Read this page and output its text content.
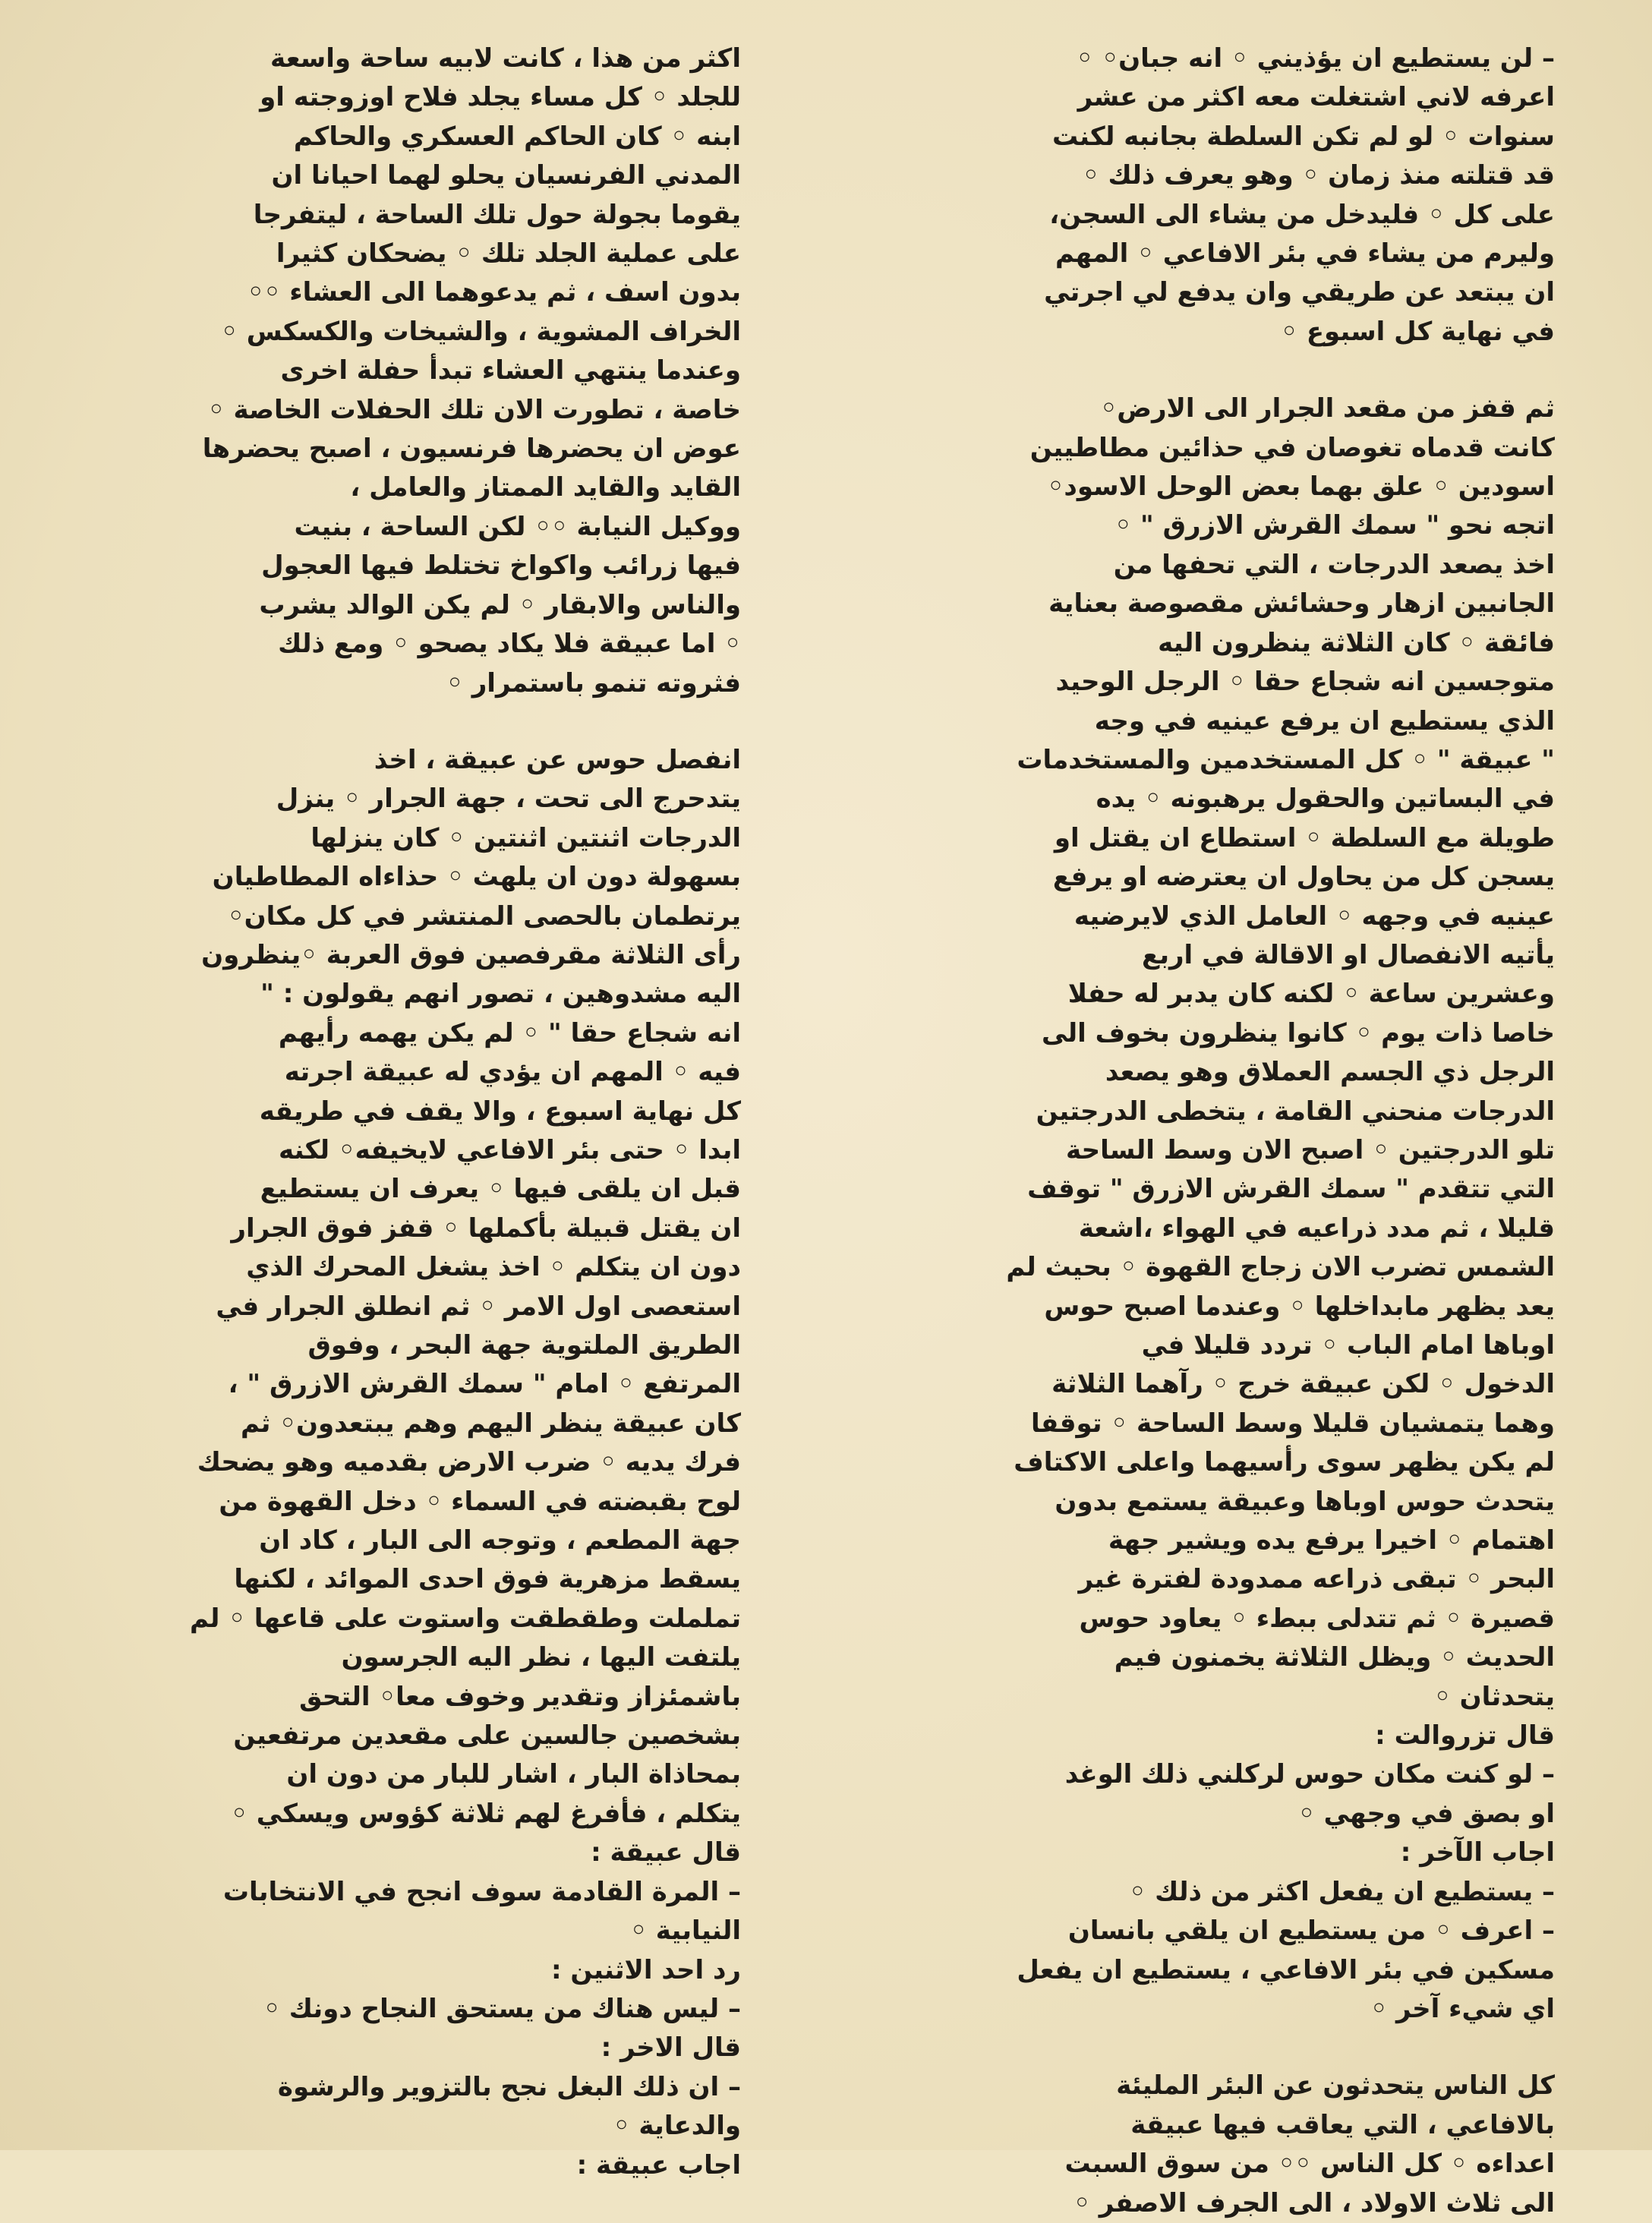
– لن يستطيع ان يؤذيني ◦ انه جبان◦ ◦

اعرفه لاني اشتغلت معه اكثر من عشر

سنوات ◦ لو لم تكن السلطة بجانبه لكنت

قد قتلته منذ زمان ◦ وهو يعرف ذلك ◦

على كل ◦ فليدخل من يشاء الى السجن،

وليرم من يشاء في بئر الافاعي ◦ المهم

ان يبتعد عن طريقي وان يدفع لي اجرتي

في نهاية كل اسبوع ◦

ثم قفز من مقعد الجرار الى الارض◦

كانت قدماه تغوصان في حذائين مطاطيين

اسودين ◦ علق بهما بعض الوحل الاسود◦

اتجه نحو " سمك القرش الازرق " ◦

اخذ يصعد الدرجات ، التي تحفها من

الجانبين ازهار وحشائش مقصوصة بعناية

فائقة ◦ كان الثلاثة ينظرون اليه

متوجسين انه شجاع حقا ◦ الرجل الوحيد

الذي يستطيع ان يرفع عينيه في وجه

" عبيقة " ◦ كل المستخدمين والمستخدمات

في البساتين والحقول يرهبونه ◦ يده

طويلة مع السلطة ◦ استطاع ان يقتل او

يسجن كل من يحاول ان يعترضه او يرفع

عينيه في وجهه ◦ العامل الذي لايرضيه

يأتيه الانفصال او الاقالة في اربع

وعشرين ساعة ◦ لكنه كان يدبر له حفلا

خاصا ذات يوم ◦ كانوا ينظرون بخوف الى

الرجل ذي الجسم العملاق وهو يصعد

الدرجات منحني القامة ، يتخطى الدرجتين

تلو الدرجتين ◦ اصبح الان وسط الساحة

التي تتقدم " سمك القرش الازرق " توقف

قليلا ، ثم مدد ذراعيه في الهواء ،اشعة

الشمس تضرب الان زجاج القهوة ◦ بحيث لم

يعد يظهر مابداخلها ◦ وعندما اصبح حوس

اوباها امام الباب ◦ تردد قليلا في

الدخول ◦ لكن عبيقة خرج ◦ رآهما الثلاثة

وهما يتمشيان قليلا وسط الساحة ◦ توقفا

لم يكن يظهر سوى رأسيهما واعلى الاكتاف

يتحدث حوس اوباها وعبيقة يستمع بدون

اهتمام ◦ اخيرا يرفع يده ويشير جهة

البحر ◦ تبقى ذراعه ممدودة لفترة غير

قصيرة ◦ ثم تتدلى ببطء ◦ يعاود حوس

الحديث ◦ ويظل الثلاثة يخمنون فيم

يتحدثان ◦

قال تزروالت :

– لو كنت مكان حوس لركلني ذلك الوغد

او بصق في وجهي ◦

اجاب الآخر :

– يستطيع ان يفعل اكثر من ذلك ◦

– اعرف ◦ من يستطيع ان يلقي بانسان

مسكين في بئر الافاعي ، يستطيع ان يفعل

اي شيء آخر ◦

كل الناس يتحدثون عن البئر المليئة

بالافاعي ، التي يعاقب فيها عبيقة

اعداءه ◦ كل الناس ◦◦ من سوق السبت

الى ثلاث الاولاد ، الى الجرف الاصفر ◦

اكثر من هذا ، كانت لابيه ساحة واسعة

للجلد ◦ كل مساء يجلد فلاح اوزوجته او

ابنه ◦ كان الحاكم العسكري والحاكم

المدني الفرنسيان يحلو لهما احيانا ان

يقوما بجولة حول تلك الساحة ، ليتفرجا

على عملية الجلد تلك ◦ يضحكان كثيرا

بدون اسف ، ثم يدعوهما الى العشاء ◦◦

الخراف المشوية ، والشيخات والكسكس ◦

وعندما ينتهي العشاء تبدأ حفلة اخرى

خاصة ، تطورت الان تلك الحفلات الخاصة ◦

عوض ان يحضرها فرنسيون ، اصبح يحضرها

القايد والقايد الممتاز والعامل ،

ووكيل النيابة ◦◦ لكن الساحة ، بنيت

فيها زرائب واكواخ تختلط فيها العجول

والناس والابقار ◦ لم يكن الوالد يشرب

◦ اما عبيقة فلا يكاد يصحو ◦ ومع ذلك

فثروته تنمو باستمرار ◦

انفصل حوس عن عبيقة ، اخذ

يتدحرج الى تحت ، جهة الجرار ◦ ينزل

الدرجات اثنتين اثنتين ◦ كان ينزلها

بسهولة دون ان يلهث ◦ حذاءاه المطاطيان

يرتطمان بالحصى المنتشر في كل مكان◦

رأى الثلاثة مقرفصين فوق العربة ◦ينظرون

اليه مشدوهين ، تصور انهم يقولون : "

انه شجاع حقا " ◦ لم يكن يهمه رأيهم

فيه ◦ المهم ان يؤدي له عبيقة اجرته

كل نهاية اسبوع ، والا يقف في طريقه

ابدا ◦ حتى بئر الافاعي لايخيفه◦ لكنه

قبل ان يلقى فيها ◦ يعرف ان يستطيع

ان يقتل قبيلة بأكملها ◦ قفز فوق الجرار

دون ان يتكلم ◦ اخذ يشغل المحرك الذي

استعصى اول الامر ◦ ثم انطلق الجرار في

الطريق الملتوية جهة البحر ، وفوق

المرتفع ◦ امام " سمك القرش الازرق " ،

كان عبيقة ينظر اليهم وهم يبتعدون◦ ثم

فرك يديه ◦ ضرب الارض بقدميه وهو يضحك

لوح بقبضته في السماء ◦ دخل القهوة من

جهة المطعم ، وتوجه الى البار ، كاد ان

يسقط مزهرية فوق احدى الموائد ، لكنها

تململت وطقطقت واستوت على قاعها ◦ لم

يلتفت اليها ، نظر اليه الجرسون

باشمئزاز وتقدير وخوف معا◦ التحق

بشخصين جالسين على مقعدين مرتفعين

بمحاذاة البار ، اشار للبار من دون ان

يتكلم ، فأفرغ لهم ثلاثة كؤوس ويسكي ◦

قال عبيقة :

– المرة القادمة سوف انجح في الانتخابات

النيابية ◦

رد احد الاثنين :

– ليس هناك من يستحق النجاح دونك ◦

قال الاخر :

– ان ذلك البغل نجح بالتزوير والرشوة

والدعاية ◦

اجاب عبيقة :
